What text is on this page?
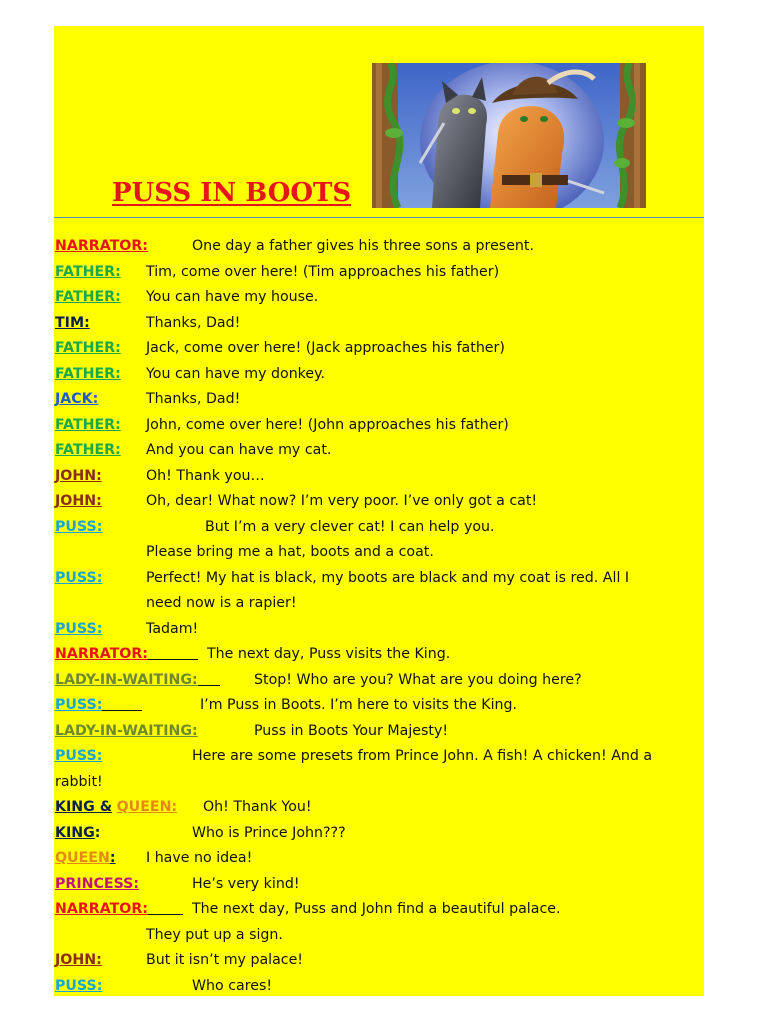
PUSS IN BOOTS
NARRATOR:	One day a father gives his three sons a present.
FATHER: Tim, come over here! (Tim approaches his father)
FATHER: You can have my house.
TIM:	Thanks, Dad!
FATHER: Jack, come over here! (Jack approaches his father)
FATHER: You can have my donkey.
JACK:	Thanks, Dad!
FATHER: John, come over here! (John approaches his father)
FATHER: And you can have my cat.
JOHN:	Oh! Thank you…
JOHN:	Oh, dear! What now? I’m very poor. I’ve only got a cat!
PUSS:	But I’m a very clever cat! I can help you.
Please bring me a hat, boots and a coat.
PUSS:	Perfect! My hat is black, my boots are black and my coat is red. All I
need now is a rapier!
PUSS:	Tadam!
NARRATOR:	The next day, Puss visits the King.
LADY-IN-WAITING:	Stop! Who are you? What are you doing here?
PUSS:	I’m Puss in Boots. I’m here to visits the King.
LADY-IN-WAITING:	Puss in Boots Your Majesty!
PUSS:	Here are some presets from Prince John. A fish! A chicken! And a
rabbit!
KING & QUEEN: Oh! Thank You!
KING:	Who is Prince John???
QUEEN: I have no idea!
PRINCESS:	He’s very kind!
NARRATOR:	The next day, Puss and John find a beautiful palace.
They put up a sign.
JOHN:	But it isn’t my palace!
PUSS:	Who cares!
